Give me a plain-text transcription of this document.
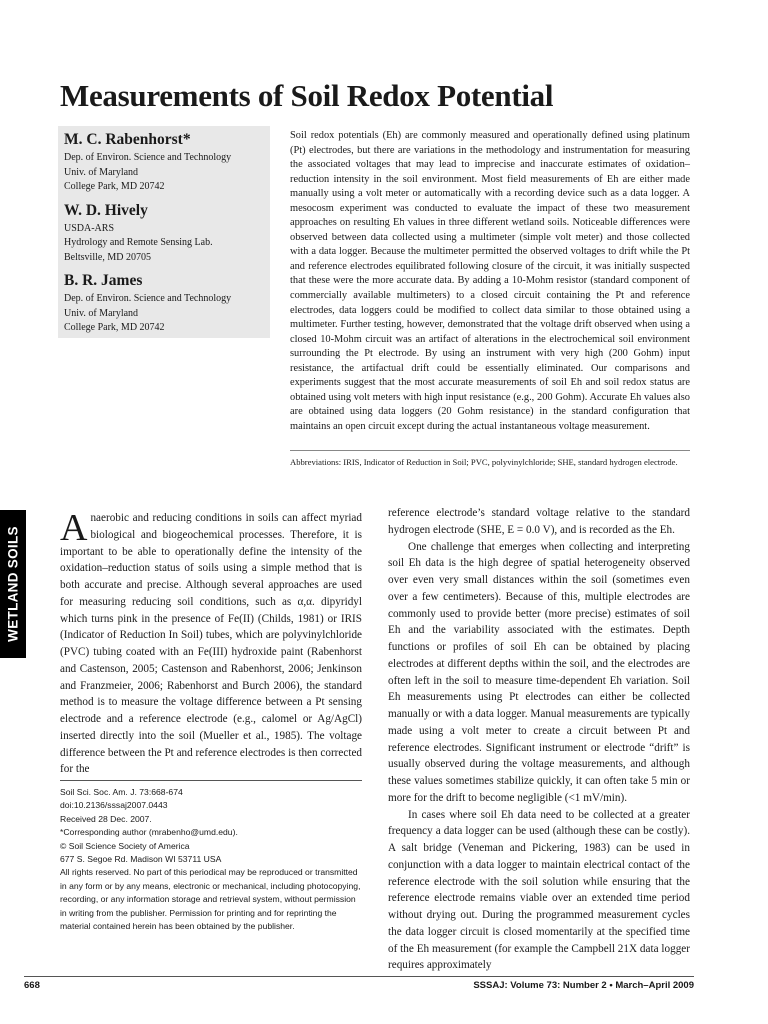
Measurements of Soil Redox Potential
M. C. Rabenhorst*
Dep. of Environ. Science and Technology
Univ. of Maryland
College Park, MD 20742
W. D. Hively
USDA-ARS
Hydrology and Remote Sensing Lab.
Beltsville, MD 20705
B. R. James
Dep. of Environ. Science and Technology
Univ. of Maryland
College Park, MD 20742

Soil redox potentials (Eh) are commonly measured and operationally defined using platinum (Pt) electrodes, but there are variations in the methodology and instrumentation for measuring the associated voltages that may lead to imprecise and inaccurate estimates of oxidation–reduction intensity in the soil environment. Most field measurements of Eh are either made manually using a volt meter or automatically with a recording device such as a data logger. A mesocosm experiment was conducted to evaluate the impact of these two measurement approaches on resulting Eh values in three different wetland soils. Noticeable differences were observed between data collected using a multimeter (simple volt meter) and those collected with a data logger. Because the multimeter permitted the observed voltages to drift while the Pt and reference electrodes equilibrated following closure of the circuit, it was initially suspected that these were the more accurate data. By adding a 10-Mohm resistor (standard component of commercially available multimeters) to a closed circuit containing the Pt and reference electrodes, data loggers could be modified to collect data similar to those obtained using a multimeter. Further testing, however, demonstrated that the voltage drift observed when using a closed 10-Mohm circuit was an artifact of alterations in the electrochemical soil environment surrounding the Pt electrode. By using an instrument with very high (200 Gohm) input resistance, the artifactual drift could be essentially eliminated. Our comparisons and experiments suggest that the most accurate measurements of soil Eh and soil redox status are obtained using volt meters with high input resistance (e.g., 200 Gohm). Accurate Eh values also are obtained using data loggers (20 Gohm resistance) in the standard configuration that maintains an open circuit except during the actual instantaneous voltage measurement.

Abbreviations: IRIS, Indicator of Reduction in Soil; PVC, polyvinylchloride; SHE, standard hydrogen electrode.

WETLAND SOILS Anaerobic and reducing conditions in soils can affect myriad biological and biogeochemical processes. Therefore, it is important to be able to operationally define the intensity of the oxidation–reduction status of soils using a simple method that is both accurate and precise. Although several approaches are used for measuring reducing soil conditions, such as α,α. dipyridyl which turns pink in the presence of Fe(II) (Childs, 1981) or IRIS (Indicator of Reduction In Soil) tubes, which are polyvinylchloride (PVC) tubing coated with an Fe(III) hydroxide paint (Rabenhorst and Castenson, 2005; Castenson and Rabenhorst, 2006; Jenkinson and Franzmeier, 2006; Rabenhorst and Burch 2006), the standard method is to measure the voltage difference between a Pt sensing electrode and a reference electrode (e.g., calomel or Ag/AgCl) inserted directly into the soil (Mueller et al., 1985). The voltage difference between the Pt and reference electrodes is then corrected for the

reference electrode’s standard voltage relative to the standard hydrogen electrode (SHE, E = 0.0 V), and is recorded as the Eh.

One challenge that emerges when collecting and interpreting soil Eh data is the high degree of spatial heterogeneity observed over even very small distances within the soil (sometimes even over a few centimeters). Because of this, multiple electrodes are commonly used to provide better (more precise) estimates of soil Eh and the variability associated with the estimates. Depth functions or profiles of soil Eh can be obtained by placing electrodes at different depths within the soil, and the electrodes are often left in the soil to measure time-dependent Eh variation. Soil Eh measurements using Pt electrodes can either be collected manually or with a data logger. Manual measurements are typically made using a volt meter to create a circuit between Pt and reference electrodes. Significant instrument or electrode “drift” is usually observed during the voltage measurements, and although these values sometimes stabilize quickly, it can often take 5 min or more for the drift to become negligible (<1 mV/min).

In cases where soil Eh data need to be collected at a greater frequency a data logger can be used (although these can be costly). A salt bridge (Veneman and Pickering, 1983) can be used in conjunction with a data logger to maintain electrical contact of the reference electrode with the soil solution while ensuring that the reference electrode remains viable over an extended time period without drying out. During the programmed measurement cycles the data logger circuit is closed momentarily at the specified time of the Eh measurement (for example the Campbell 21X data logger requires approximately

Soil Sci. Soc. Am. J. 73:668-674
doi:10.2136/sssaj2007.0443
Received 28 Dec. 2007.
*Corresponding author (mrabenho@umd.edu).
© Soil Science Society of America
677 S. Segoe Rd. Madison WI 53711 USA
All rights reserved. No part of this periodical may be reproduced or transmitted in any form or by any means, electronic or mechanical, including photocopying, recording, or any information storage and retrieval system, without permission in writing from the publisher. Permission for printing and for reprinting the material contained herein has been obtained by the publisher.
668	SSSAJ: Volume 73: Number 2 • March–April 2009
